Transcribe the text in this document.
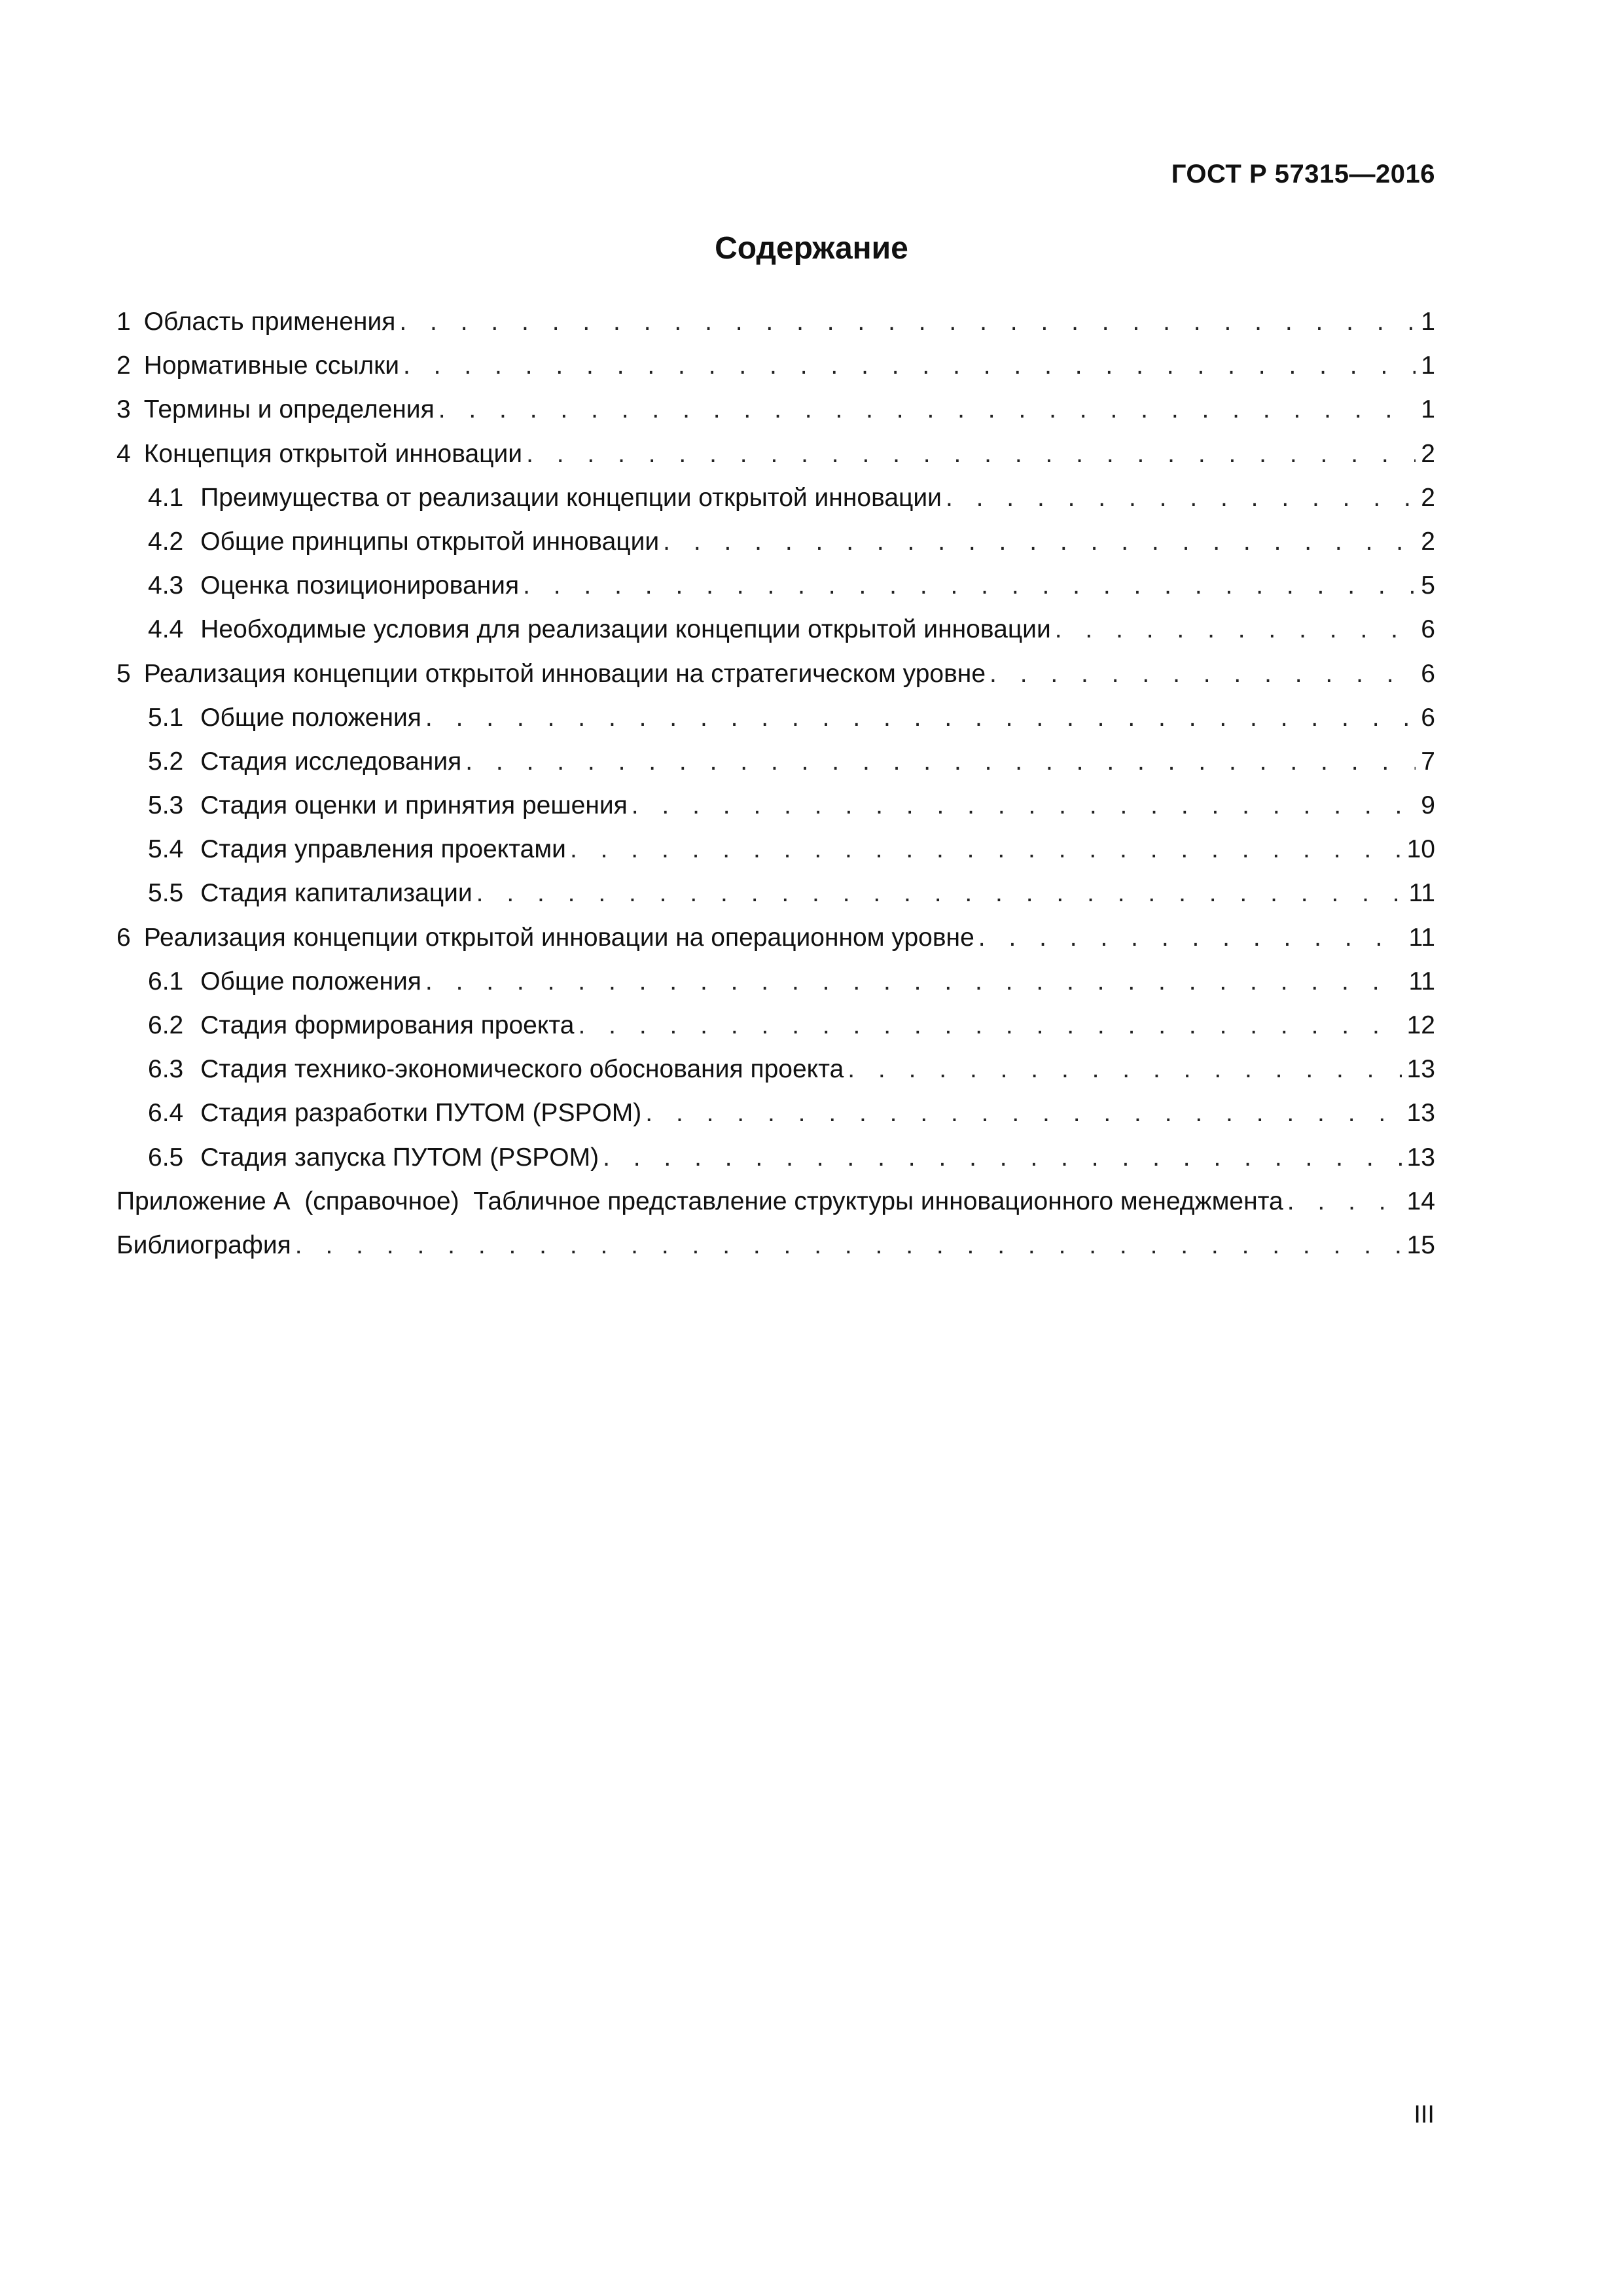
ГОСТ Р 57315—2016
Содержание
1 Область применения . . .	1
2 Нормативные ссылки . . .	1
3 Термины и определения . . .	1
4 Концепция открытой инновации . . .	2
4.1 Преимущества от реализации концепции открытой инновации . . .	2
4.2 Общие принципы открытой инновации . . .	2
4.3 Оценка позиционирования . . .	5
4.4 Необходимые условия для реализации концепции открытой инновации . . .	6
5 Реализация концепции открытой инновации на стратегическом уровне . . .	6
5.1 Общие положения . . .	6
5.2 Стадия исследования . . .	7
5.3 Стадия оценки и принятия решения . . .	9
5.4 Стадия управления проектами . . .	10
5.5 Стадия капитализации . . .	11
6 Реализация концепции открытой инновации на операционном уровне . . .	11
6.1 Общие положения . . .	11
6.2 Стадия формирования проекта . . .	12
6.3 Стадия технико-экономического обоснования проекта . . .	13
6.4 Стадия разработки ПУТОМ (PSPOM) . . .	13
6.5 Стадия запуска ПУТОМ (PSPOM) . . .	13
Приложение А  (справочное)  Табличное представление структуры инновационного менеджмента . . .	14
Библиография . . .	15
III
